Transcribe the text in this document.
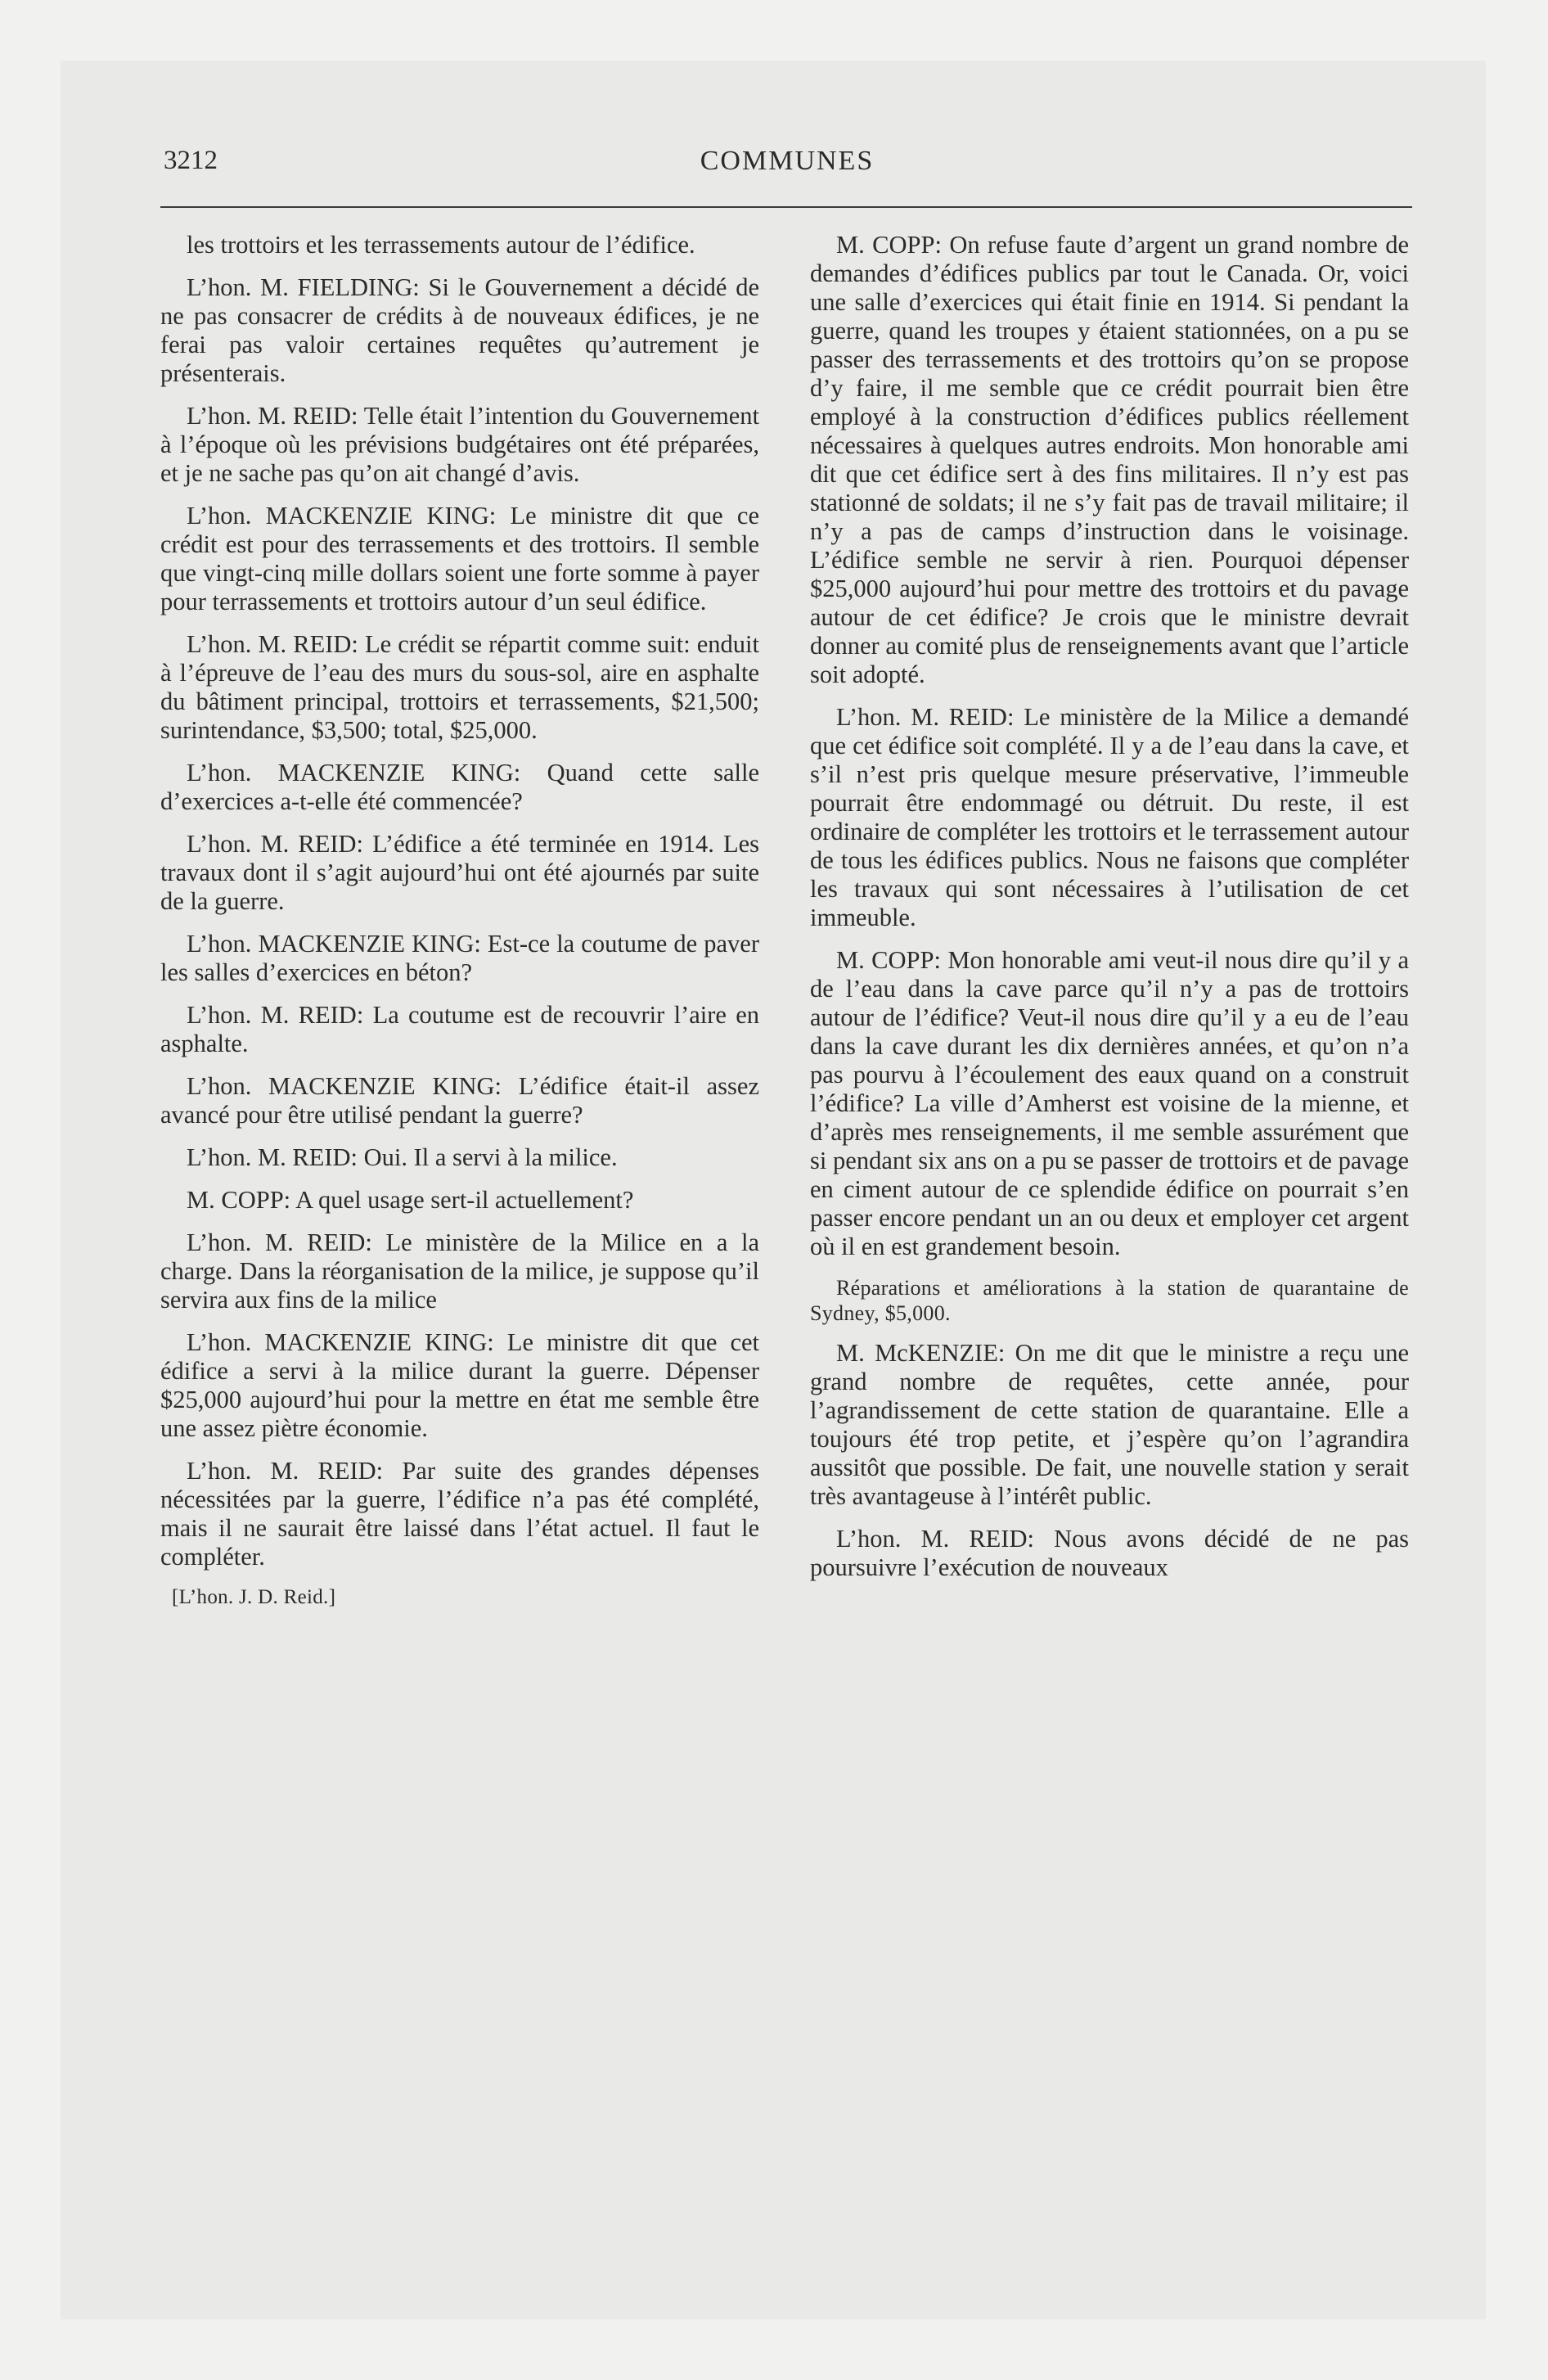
3212	COMMUNES

les trottoirs et les terrassements autour de l’édifice.

L’hon. M. FIELDING: Si le Gouvernement a décidé de ne pas consacrer de crédits à de nouveaux édifices, je ne ferai pas valoir certaines requêtes qu’autrement je présenterais.

L’hon. M. REID: Telle était l’intention du Gouvernement à l’époque où les prévisions budgétaires ont été préparées, et je ne sache pas qu’on ait changé d’avis.

L’hon. MACKENZIE KING: Le ministre dit que ce crédit est pour des terrassements et des trottoirs. Il semble que vingt-cinq mille dollars soient une forte somme à payer pour terrassements et trottoirs autour d’un seul édifice.

L’hon. M. REID: Le crédit se répartit comme suit: enduit à l’épreuve de l’eau des murs du sous-sol, aire en asphalte du bâtiment principal, trottoirs et terrassements, $21,500; surintendance, $3,500; total, $25,000.

L’hon. MACKENZIE KING: Quand cette salle d’exercices a-t-elle été commencée?

L’hon. M. REID: L’édifice a été terminée en 1914. Les travaux dont il s’agit aujourd’hui ont été ajournés par suite de la guerre.

L’hon. MACKENZIE KING: Est-ce la coutume de paver les salles d’exercices en béton?

L’hon. M. REID: La coutume est de recouvrir l’aire en asphalte.

L’hon. MACKENZIE KING: L’édifice était-il assez avancé pour être utilisé pendant la guerre?

L’hon. M. REID: Oui. Il a servi à la milice.

M. COPP: A quel usage sert-il actuellement?

L’hon. M. REID: Le ministère de la Milice en a la charge. Dans la réorganisation de la milice, je suppose qu’il servira aux fins de la milice

L’hon. MACKENZIE KING: Le ministre dit que cet édifice a servi à la milice durant la guerre. Dépenser $25,000 aujourd’hui pour la mettre en état me semble être une assez piètre économie.

L’hon. M. REID: Par suite des grandes dépenses nécessitées par la guerre, l’édifice n’a pas été complété, mais il ne saurait être laissé dans l’état actuel. Il faut le compléter.

[L’hon. J. D. Reid.]

M. COPP: On refuse faute d’argent un grand nombre de demandes d’édifices publics par tout le Canada. Or, voici une salle d’exercices qui était finie en 1914. Si pendant la guerre, quand les troupes y étaient stationnées, on a pu se passer des terrassements et des trottoirs qu’on se propose d’y faire, il me semble que ce crédit pourrait bien être employé à la construction d’édifices publics réellement nécessaires à quelques autres endroits. Mon honorable ami dit que cet édifice sert à des fins militaires. Il n’y est pas stationné de soldats; il ne s’y fait pas de travail militaire; il n’y a pas de camps d’instruction dans le voisinage. L’édifice semble ne servir à rien. Pourquoi dépenser $25,000 aujourd’hui pour mettre des trottoirs et du pavage autour de cet édifice? Je crois que le ministre devrait donner au comité plus de renseignements avant que l’article soit adopté.

L’hon. M. REID: Le ministère de la Milice a demandé que cet édifice soit complété. Il y a de l’eau dans la cave, et s’il n’est pris quelque mesure préservative, l’immeuble pourrait être endommagé ou détruit. Du reste, il est ordinaire de compléter les trottoirs et le terrassement autour de tous les édifices publics. Nous ne faisons que compléter les travaux qui sont nécessaires à l’utilisation de cet immeuble.

M. COPP: Mon honorable ami veut-il nous dire qu’il y a de l’eau dans la cave parce qu’il n’y a pas de trottoirs autour de l’édifice? Veut-il nous dire qu’il y a eu de l’eau dans la cave durant les dix dernières années, et qu’on n’a pas pourvu à l’écoulement des eaux quand on a construit l’édifice? La ville d’Amherst est voisine de la mienne, et d’après mes renseignements, il me semble assurément que si pendant six ans on a pu se passer de trottoirs et de pavage en ciment autour de ce splendide édifice on pourrait s’en passer encore pendant un an ou deux et employer cet argent où il en est grandement besoin.

Réparations et améliorations à la station de quarantaine de Sydney, $5,000.

M. McKENZIE: On me dit que le ministre a reçu une grand nombre de requêtes, cette année, pour l’agrandissement de cette station de quarantaine. Elle a toujours été trop petite, et j’espère qu’on l’agrandira aussitôt que possible. De fait, une nouvelle station y serait très avantageuse à l’intérêt public.

L’hon. M. REID: Nous avons décidé de ne pas poursuivre l’exécution de nouveaux
